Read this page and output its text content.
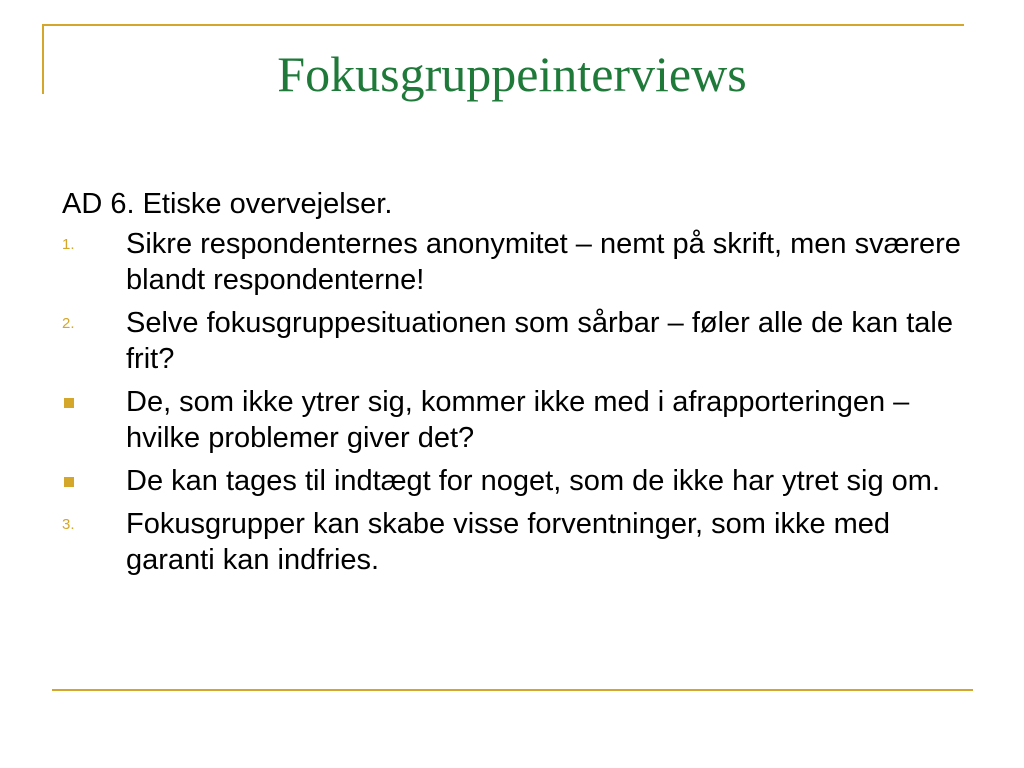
Fokusgruppeinterviews

AD 6. Etiske overvejelser.

1. Sikre respondenternes anonymitet – nemt på skrift, men sværere blandt respondenterne!
2. Selve fokusgruppesituationen som sårbar – føler alle de kan tale frit?
De, som ikke ytrer sig, kommer ikke med i afrapporteringen – hvilke problemer giver det?
De kan tages til indtægt for noget, som de ikke har ytret sig om.
3. Fokusgrupper kan skabe visse forventninger, som ikke med garanti kan indfries.
